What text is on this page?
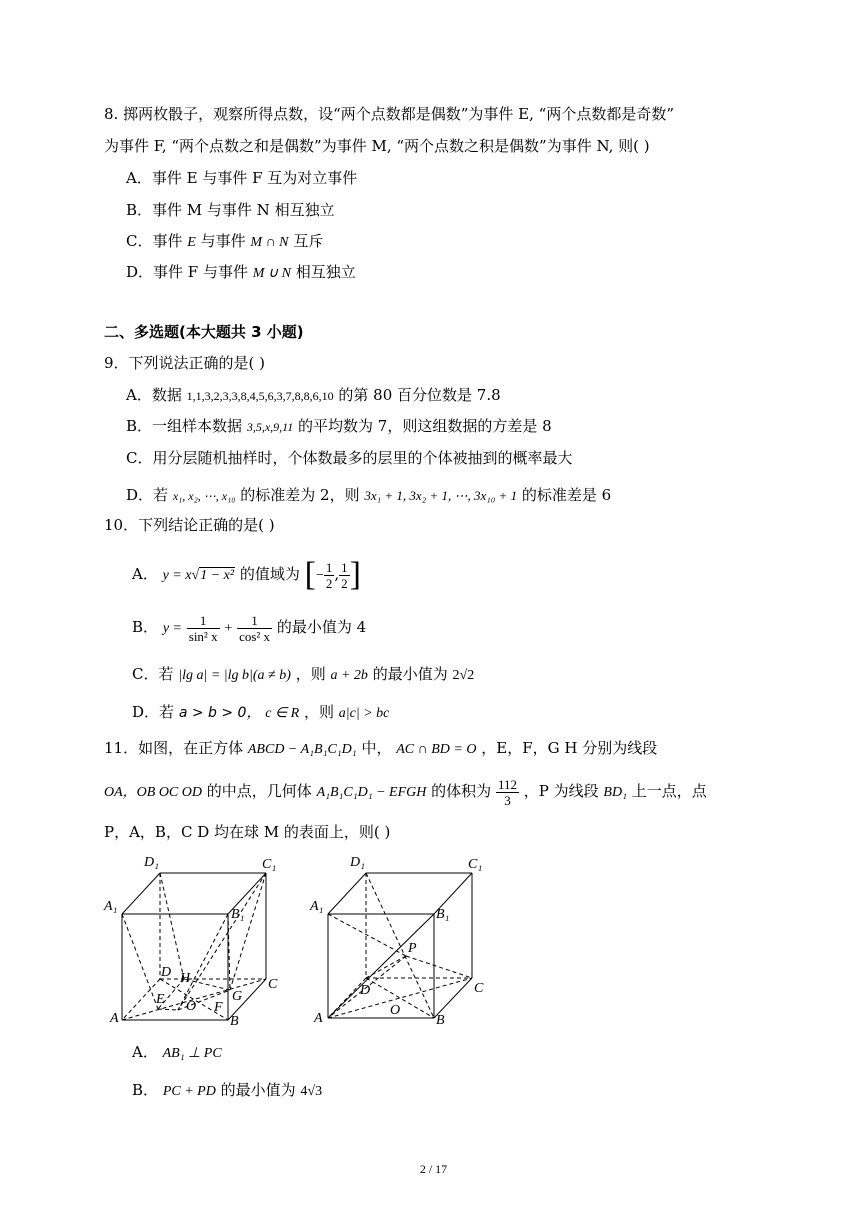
8. 掷两枚骰子，观察所得点数，设“两个点数都是偶数”为事件 E, “两个点数都是奇数”
为事件 F, “两个点数之和是偶数”为事件 M, “两个点数之积是偶数”为事件 N, 则( )
A．事件 E 与事件 F 互为对立事件
B．事件 M 与事件 N 相互独立
C．事件 E 与事件 M ∩ N 互斥
D．事件 F 与事件 M ∪ N 相互独立
二、多选题(本大题共 3 小题)
9．下列说法正确的是( )
A．数据 1,1,3,2,3,3,8,4,5,6,3,7,8,8,6,10 的第 80 百分位数是 7.8
B．一组样本数据 3,5,x,9,11 的平均数为 7，则这组数据的方差是 8
C．用分层随机抽样时，个体数最多的层里的个体被抽到的概率最大
D．若 x₁, x₂, ⋯, x₁₀ 的标准差为 2，则 3x₁ + 1, 3x₂ + 1, ⋯, 3x₁₀ + 1 的标准差是 6
10．下列结论正确的是( )
A． y = x√1 − x² 的值域为 [− $\frac{1}{2}$ , $\frac{1}{2}$ ]
B． $y = \frac{1}{\text{sin² x}} + \frac{1}{\text{cos² x}}$ 的最小值为 4
C．若 |lg a| = |lg b|(a ≠ b) ，则 a + 2b 的最小值为 2√2
D．若 a > b > 0， c ∈ R ，则 a|c| > bc
11．如图，在正方体 ABCD − A₁B₁C₁D₁ 中， AC ∩ BD = O ，E，F，G H 分别为线段
OA，OB OC OD 的中点，几何体 A₁B₁C₁D₁ − EFGH 的体积为 $\frac{112}{3}$ ，P 为线段 BD₁ 上一点，点
P，A，B，C D 均在球 M 的表面上，则( )
D₁	C₁
A₁
B₁
D H	C
E	G
O F
A	B
D₁	C₁
A₁
B₁
P
D	C
O
A	B
A． AB₁ ⊥ PC
B． PC + PD 的最小值为 4√3
2 / 17
